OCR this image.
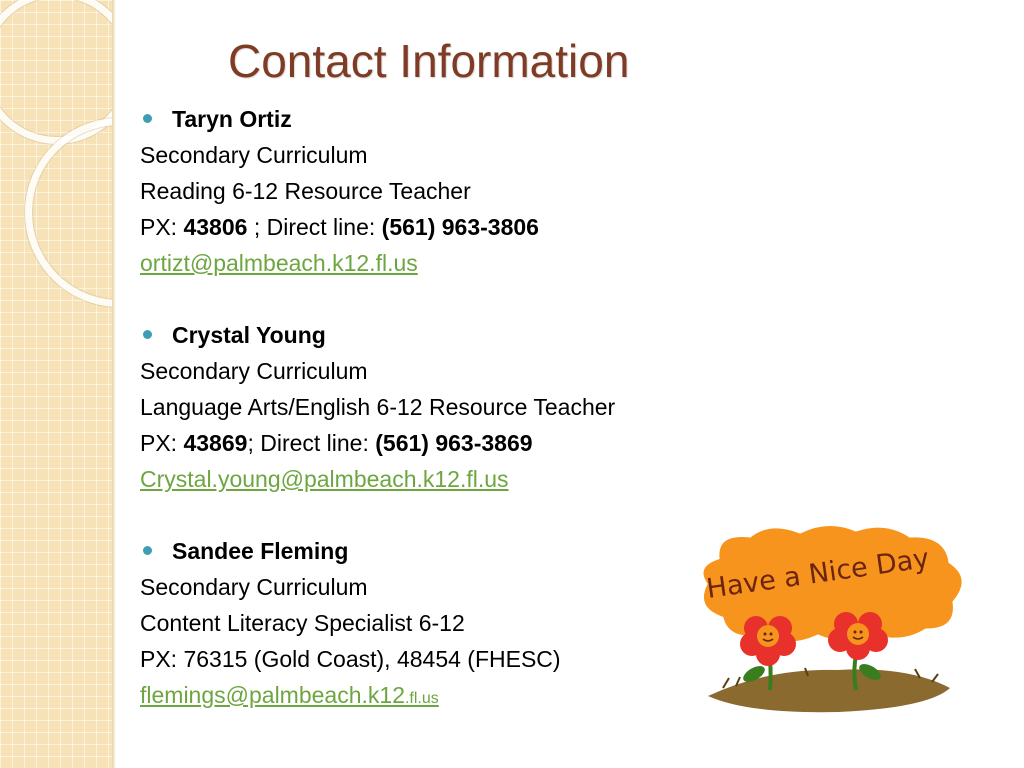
Contact Information
Taryn Ortiz
Secondary Curriculum
Reading 6-12 Resource Teacher
PX: 43806 ; Direct line: (561) 963-3806
ortizt@palmbeach.k12.fl.us
Crystal Young
Secondary Curriculum
Language Arts/English 6-12 Resource Teacher
PX: 43869; Direct line: (561) 963-3869
Crystal.young@palmbeach.k12.fl.us
Sandee Fleming
Secondary Curriculum
Content Literacy Specialist 6-12
PX: 76315 (Gold Coast), 48454 (FHESC)
flemings@palmbeach.k12.fl.us
Have a Nice Day
